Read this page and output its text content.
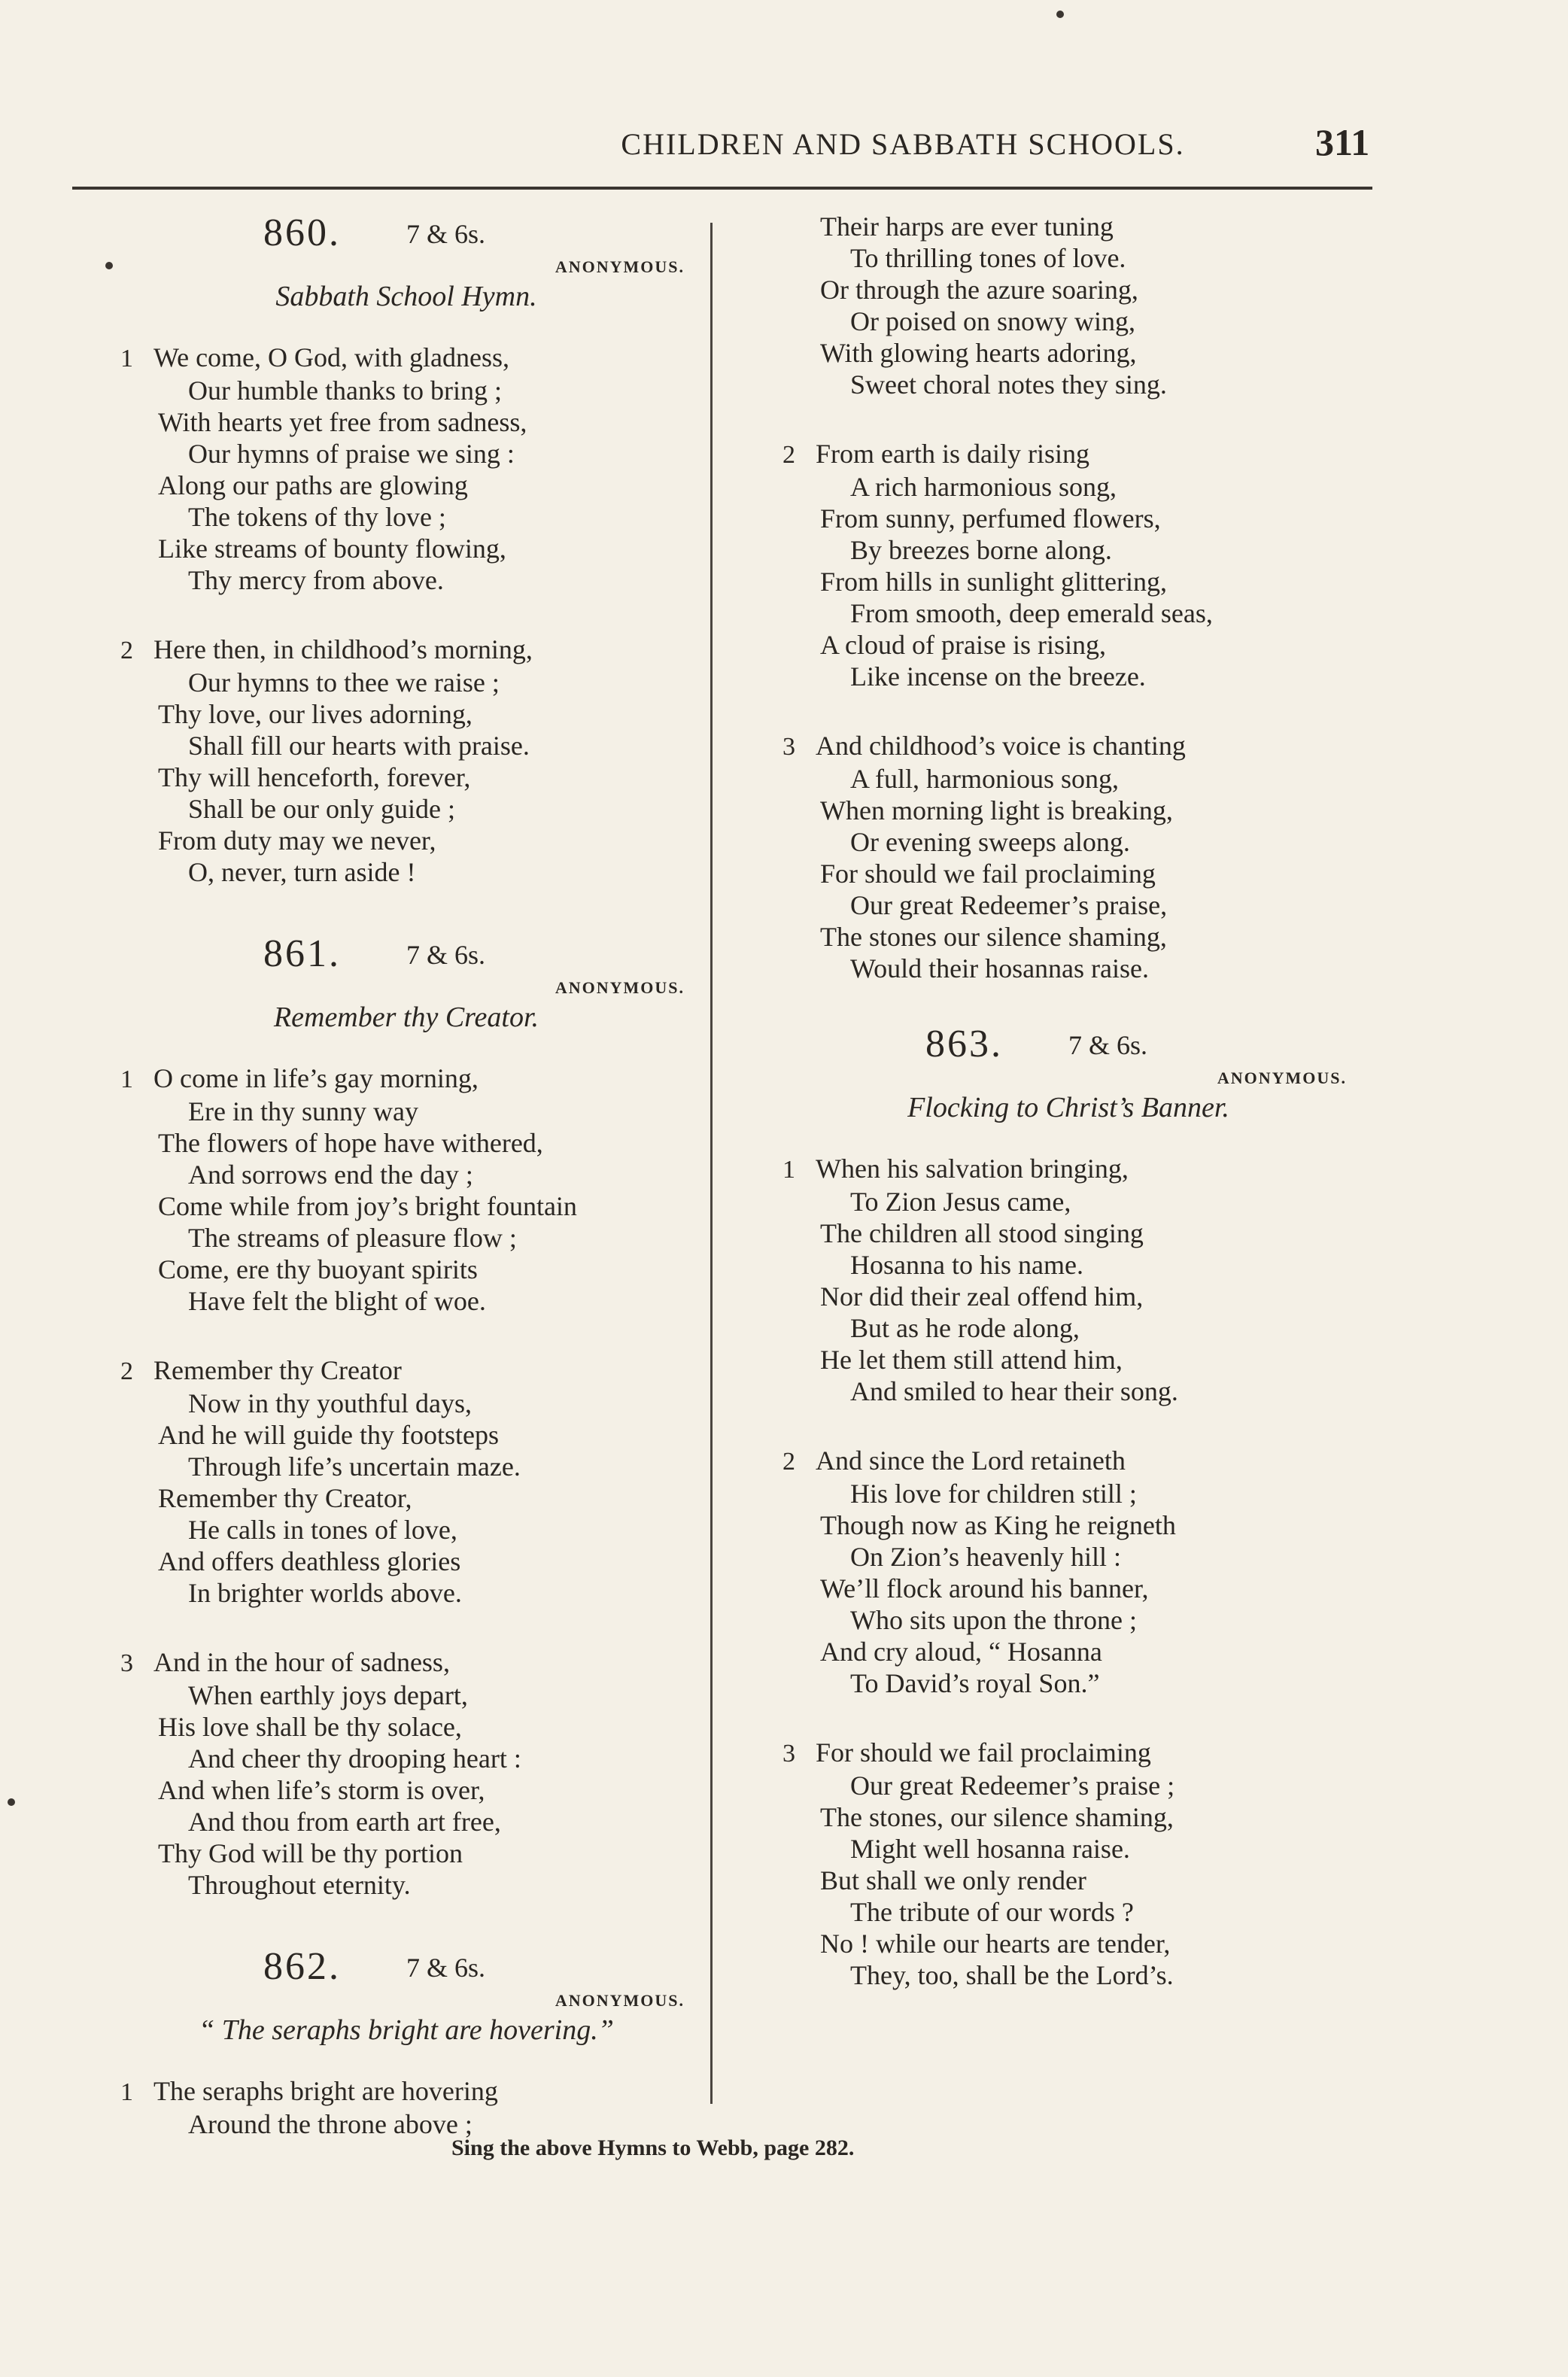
CHILDREN AND SABBATH SCHOOLS.	311
860. 7 & 6s.
ANONYMOUS.
Sabbath School Hymn.
1 We come, O God, with gladness,
Our humble thanks to bring ;
With hearts yet free from sadness,
Our hymns of praise we sing :
Along our paths are glowing
The tokens of thy love ;
Like streams of bounty flowing,
Thy mercy from above.
2 Here then, in childhood’s morning,
Our hymns to thee we raise ;
Thy love, our lives adorning,
Shall fill our hearts with praise.
Thy will henceforth, forever,
Shall be our only guide ;
From duty may we never,
O, never, turn aside !
861. 7 & 6s.
ANONYMOUS.
Remember thy Creator.
1 O come in life’s gay morning,
Ere in thy sunny way
The flowers of hope have withered,
And sorrows end the day ;
Come while from joy’s bright fountain
The streams of pleasure flow ;
Come, ere thy buoyant spirits
Have felt the blight of woe.
2 Remember thy Creator
Now in thy youthful days,
And he will guide thy footsteps
Through life’s uncertain maze.
Remember thy Creator,
He calls in tones of love,
And offers deathless glories
In brighter worlds above.
3 And in the hour of sadness,
When earthly joys depart,
His love shall be thy solace,
And cheer thy drooping heart :
And when life’s storm is over,
And thou from earth art free,
Thy God will be thy portion
Throughout eternity.
862. 7 & 6s.
ANONYMOUS.
“ The seraphs bright are hovering.”
1 The seraphs bright are hovering
Around the throne above ;
Their harps are ever tuning
To thrilling tones of love.
Or through the azure soaring,
Or poised on snowy wing,
With glowing hearts adoring,
Sweet choral notes they sing.
2 From earth is daily rising
A rich harmonious song,
From sunny, perfumed flowers,
By breezes borne along.
From hills in sunlight glittering,
From smooth, deep emerald seas,
A cloud of praise is rising,
Like incense on the breeze.
3 And childhood’s voice is chanting
A full, harmonious song,
When morning light is breaking,
Or evening sweeps along.
For should we fail proclaiming
Our great Redeemer’s praise,
The stones our silence shaming,
Would their hosannas raise.
863. 7 & 6s.
ANONYMOUS.
Flocking to Christ’s Banner.
1 When his salvation bringing,
To Zion Jesus came,
The children all stood singing
Hosanna to his name.
Nor did their zeal offend him,
But as he rode along,
He let them still attend him,
And smiled to hear their song.
2 And since the Lord retaineth
His love for children still ;
Though now as King he reigneth
On Zion’s heavenly hill :
We’ll flock around his banner,
Who sits upon the throne ;
And cry aloud, “ Hosanna
To David’s royal Son.”
3 For should we fail proclaiming
Our great Redeemer’s praise ;
The stones, our silence shaming,
Might well hosanna raise.
But shall we only render
The tribute of our words ?
No ! while our hearts are tender,
They, too, shall be the Lord’s.
Sing the above Hymns to Webb, page 282.
